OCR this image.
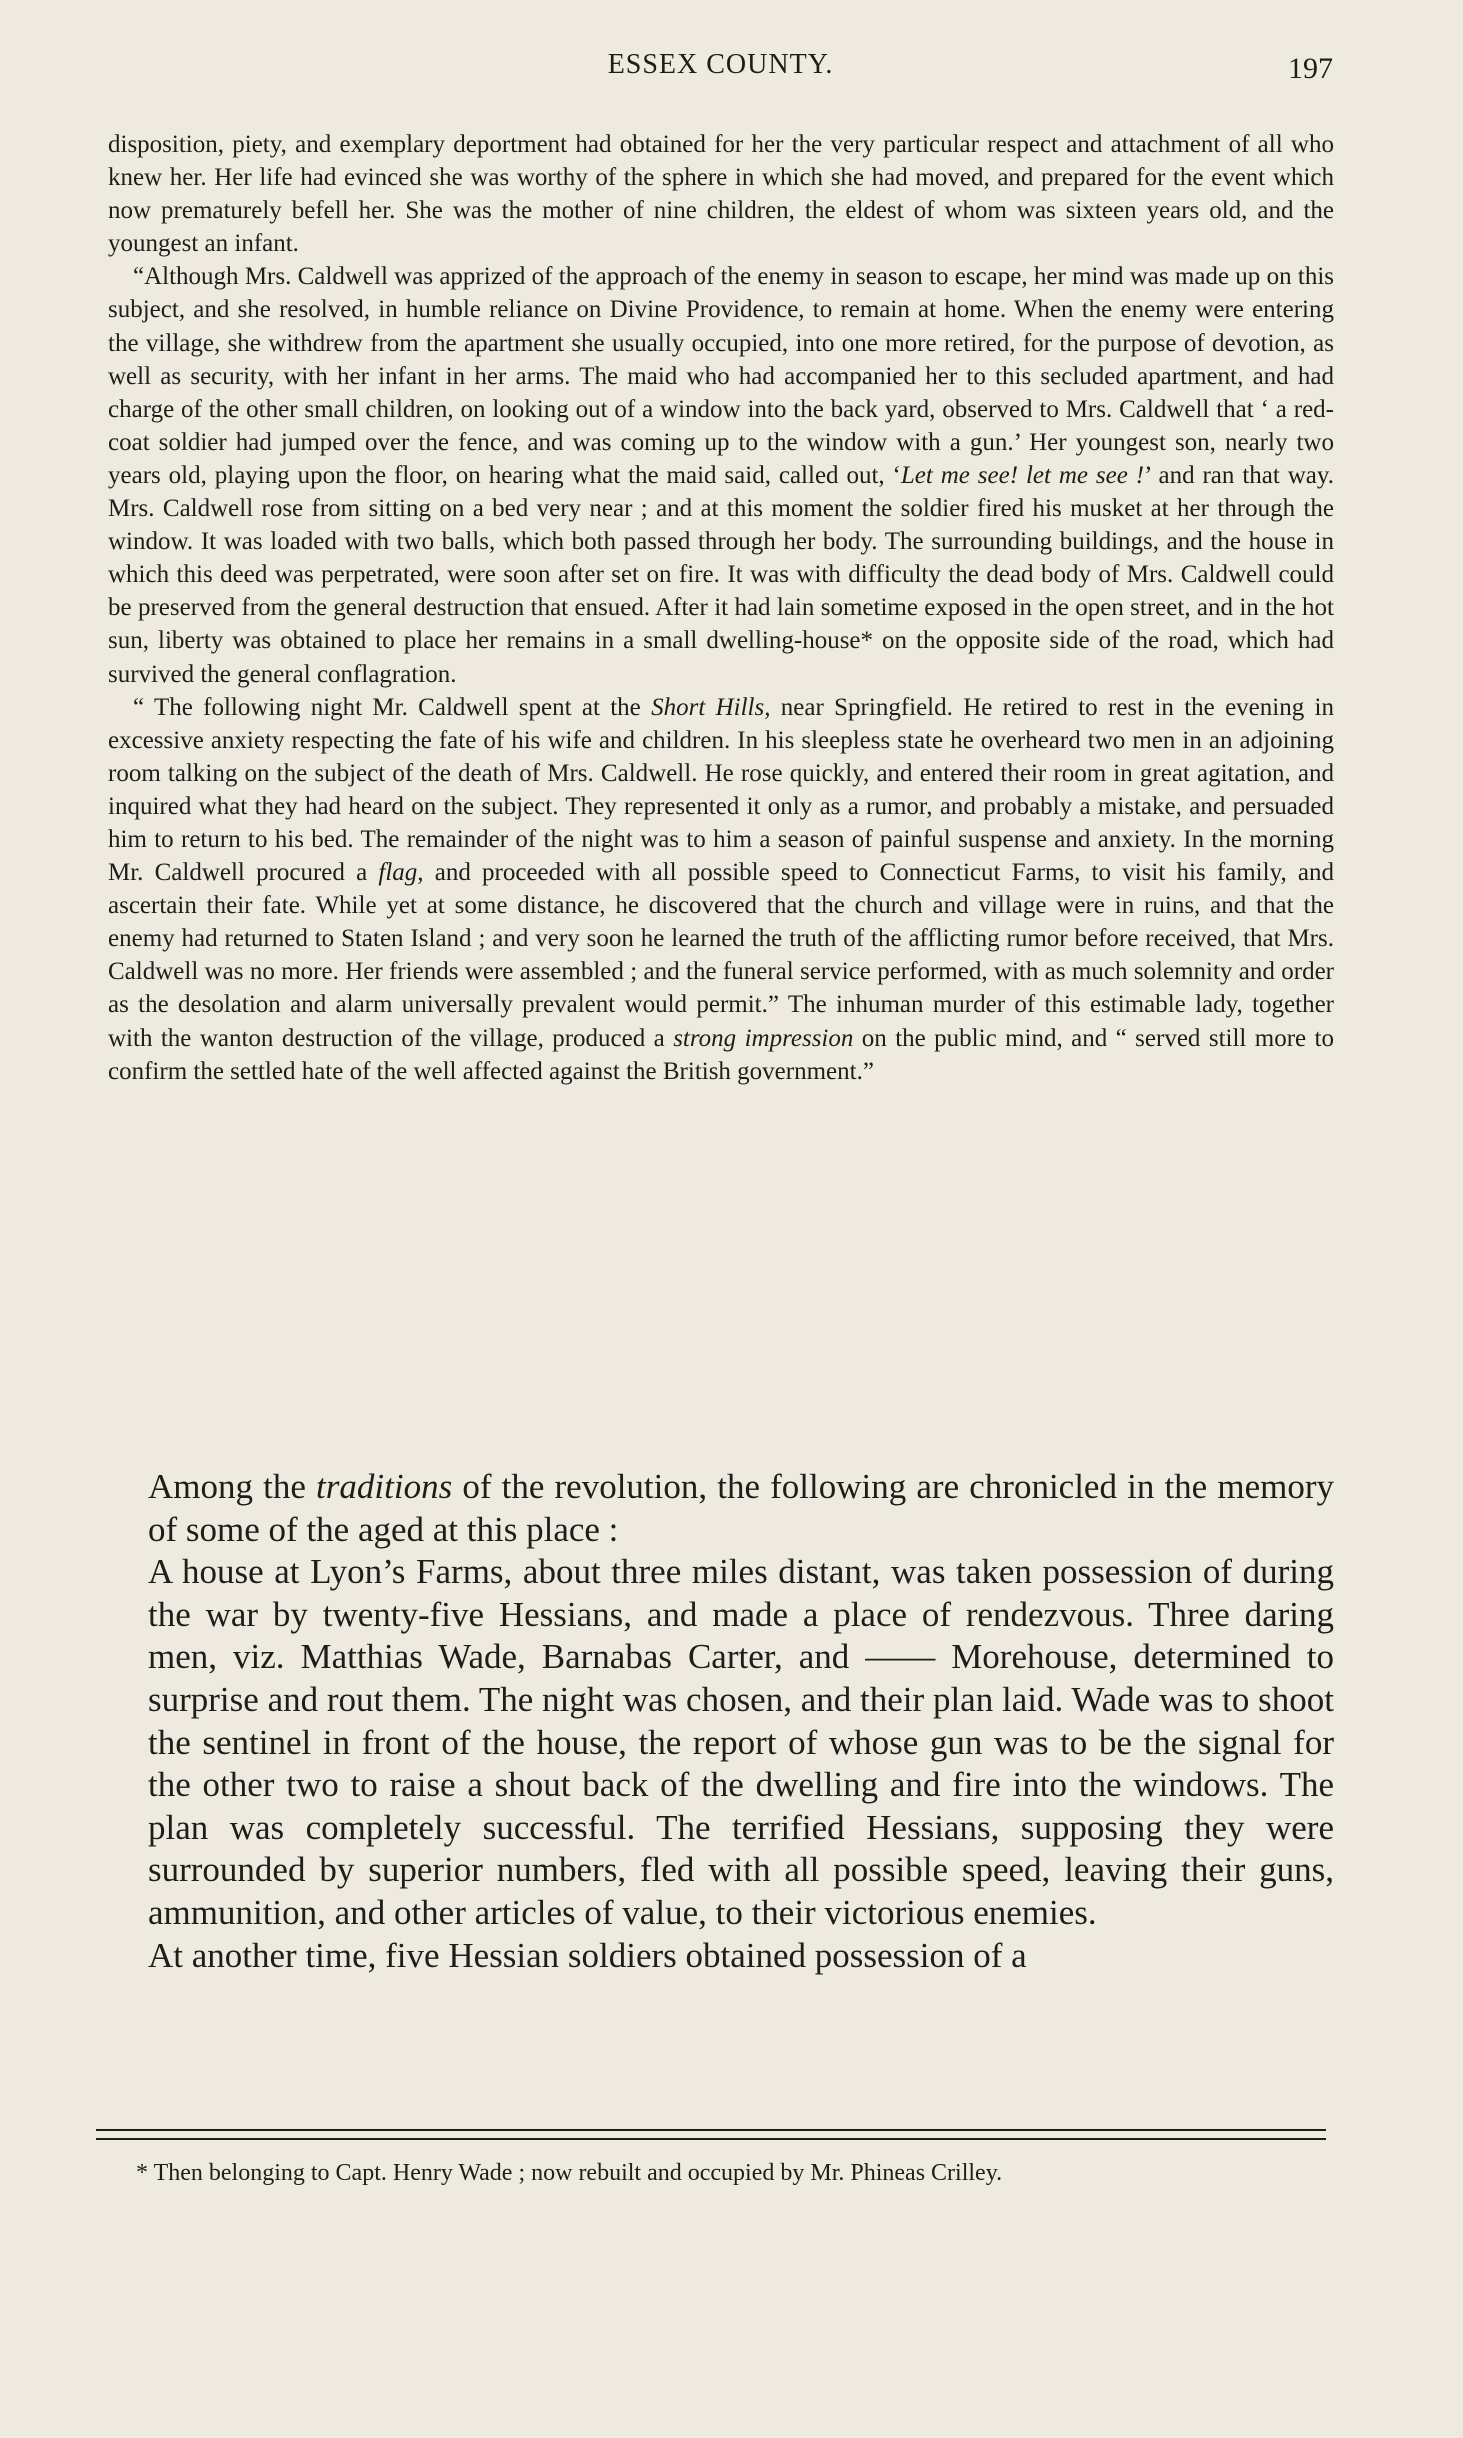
ESSEX COUNTY.	197

disposition, piety, and exemplary deportment had obtained for her the very particular respect and attachment of all who knew her. Her life had evinced she was worthy of the sphere in which she had moved, and prepared for the event which now prematurely befell her. She was the mother of nine children, the eldest of whom was sixteen years old, and the youngest an infant.

“Although Mrs. Caldwell was apprized of the approach of the enemy in season to escape, her mind was made up on this subject, and she resolved, in humble reliance on Divine Providence, to remain at home. When the enemy were entering the village, she withdrew from the apartment she usually occupied, into one more retired, for the purpose of devotion, as well as security, with her infant in her arms. The maid who had accompanied her to this secluded apartment, and had charge of the other small children, on looking out of a window into the back yard, observed to Mrs. Caldwell that ‘ a red-coat soldier had jumped over the fence, and was coming up to the window with a gun.’ Her youngest son, nearly two years old, playing upon the floor, on hearing what the maid said, called out, ‘Let me see! let me see !’ and ran that way. Mrs. Caldwell rose from sitting on a bed very near ; and at this moment the soldier fired his musket at her through the window. It was loaded with two balls, which both passed through her body. The surrounding buildings, and the house in which this deed was perpetrated, were soon after set on fire. It was with difficulty the dead body of Mrs. Caldwell could be preserved from the general destruction that ensued. After it had lain sometime exposed in the open street, and in the hot sun, liberty was obtained to place her remains in a small dwelling-house* on the opposite side of the road, which had survived the general conflagration.

“ The following night Mr. Caldwell spent at the Short Hills, near Springfield. He retired to rest in the evening in excessive anxiety respecting the fate of his wife and children. In his sleepless state he overheard two men in an adjoining room talking on the subject of the death of Mrs. Caldwell. He rose quickly, and entered their room in great agitation, and inquired what they had heard on the subject. They represented it only as a rumor, and probably a mistake, and persuaded him to return to his bed. The remainder of the night was to him a season of painful suspense and anxiety. In the morning Mr. Caldwell procured a flag, and proceeded with all possible speed to Connecticut Farms, to visit his family, and ascertain their fate. While yet at some distance, he discovered that the church and village were in ruins, and that the enemy had returned to Staten Island ; and very soon he learned the truth of the afflicting rumor before received, that Mrs. Caldwell was no more. Her friends were assembled ; and the funeral service performed, with as much solemnity and order as the desolation and alarm universally prevalent would permit.” The inhuman murder of this estimable lady, together with the wanton destruction of the village, produced a strong impression on the public mind, and “ served still more to confirm the settled hate of the well affected against the British government.”

Among the traditions of the revolution, the following are chronicled in the memory of some of the aged at this place :

A house at Lyon’s Farms, about three miles distant, was taken possession of during the war by twenty-five Hessians, and made a place of rendezvous. Three daring men, viz. Matthias Wade, Barnabas Carter, and —— Morehouse, determined to surprise and rout them. The night was chosen, and their plan laid. Wade was to shoot the sentinel in front of the house, the report of whose gun was to be the signal for the other two to raise a shout back of the dwelling and fire into the windows. The plan was completely successful. The terrified Hessians, supposing they were surrounded by superior numbers, fled with all possible speed, leaving their guns, ammunition, and other articles of value, to their victorious enemies.

At another time, five Hessian soldiers obtained possession of a

* Then belonging to Capt. Henry Wade ; now rebuilt and occupied by Mr. Phineas Crilley.
